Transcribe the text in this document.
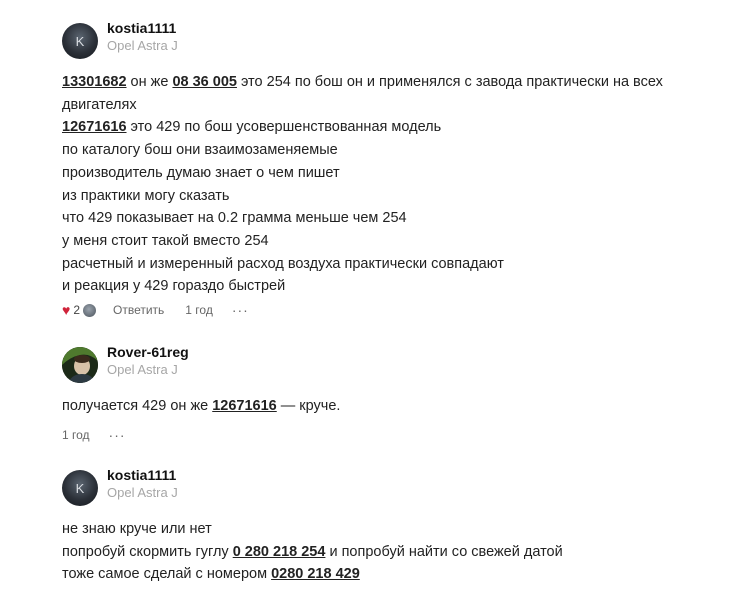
K
kostia1111
Opel Astra J
13301682 он же 08 36 005 это 254 по бош он и применялся с завода практически на всех
двигателях
12671616 это 429 по бош усовершенствованная модель
по каталогу бош они взаимозаменяемые
производитель думаю знает о чем пишет
из практики могу сказать
что 429 показывает на 0.2 грамма меньше чем 254
у меня стоит такой вместо 254
расчетный и измеренный расход воздуха практически совпадают
и реакция у 429 гораздо быстрей
♥ 2	Ответить 1 год ···
Rover-61reg
Opel Astra J
получается 429 он же 12671616 — круче.
1 год ···
K
kostia1111
Opel Astra J
не знаю круче или нет
попробуй скормить гуглу 0 280 218 254 и попробуй найти со свежей датой
тоже самое сделай с номером 0280 218 429
